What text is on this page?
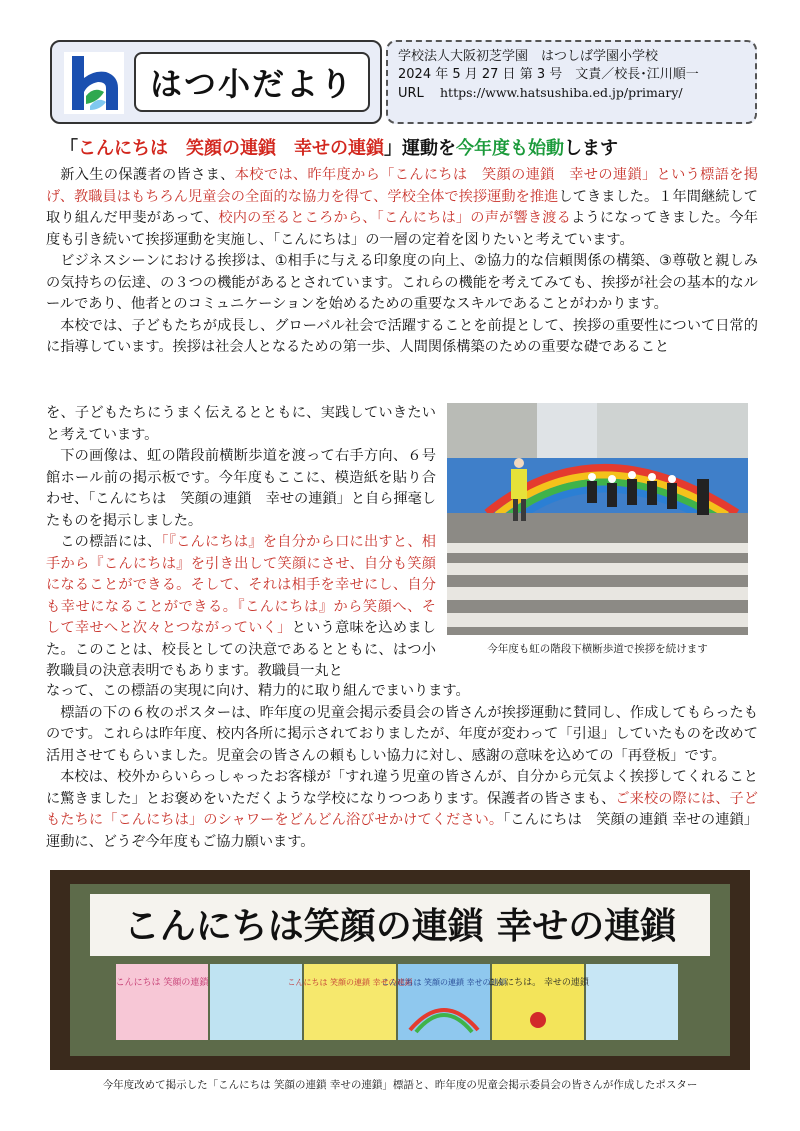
はつ小だより
学校法人大阪初芝学園　はつしば学園小学校
2024 年 5 月 27 日 第 3 号　文責／校長･江川順一
URL https://www.hatsushiba.ed.jp/primary/
「こんにちは　笑顔の連鎖　幸せの連鎖」運動を今年度も始動します

新入生の保護者の皆さま、本校では、昨年度から「こんにちは　笑顔の連鎖　幸せの連鎖」という標語を掲げ、教職員はもちろん児童会の全面的な協力を得て、学校全体で挨拶運動を推進してきました。１年間継続して取り組んだ甲斐があって、校内の至るところから、「こんにちは」の声が響き渡るようになってきました。今年度も引き続いて挨拶運動を実施し、「こんにちは」の一層の定着を図りたいと考えています。

ビジネスシーンにおける挨拶は、①相手に与える印象度の向上、②協力的な信頼関係の構築、③尊敬と親しみの気持ちの伝達、の３つの機能があるとされています。これらの機能を考えてみても、挨拶が社会の基本的なルールであり、他者とのコミュニケーションを始めるための重要なスキルであることがわかります。

本校では、子どもたちが成長し、グローバル社会で活躍することを前提として、挨拶の重要性について日常的に指導しています。挨拶は社会人となるための第一歩、人間関係構築のための重要な礎であること

を、子どもたちにうまく伝えるとともに、実践していきたいと考えています。

下の画像は、虹の階段前横断歩道を渡って右手方向、６号館ホール前の掲示板です。今年度もここに、模造紙を貼り合わせ、「こんにちは　笑顔の連鎖　幸せの連鎖」と自ら揮毫したものを掲示しました。

この標語には、「『こんにちは』を自分から口に出すと、相手から『こんにちは』を引き出して笑顔にさせ、自分も笑顔になることができる。そして、それは相手を幸せにし、自分も幸せになることができる。『こんにちは』から笑顔へ、そして幸せへと次々とつながっていく」という意味を込めました。このことは、校長としての決意であるとともに、はつ小教職員の決意表明でもあります。教職員一丸と

今年度も虹の階段下横断歩道で挨拶を続けます

なって、この標語の実現に向け、精力的に取り組んでまいります。

標語の下の６枚のポスターは、昨年度の児童会掲示委員会の皆さんが挨拶運動に賛同し、作成してもらったものです。これらは昨年度、校内各所に掲示されておりましたが、年度が変わって「引退」していたものを改めて活用させてもらいました。児童会の皆さんの頼もしい協力に対し、感謝の意味を込めての「再登板」です。

本校は、校外からいらっしゃったお客様が「すれ違う児童の皆さんが、自分から元気よく挨拶してくれることに驚きました」とお褒めをいただくような学校になりつつあります。保護者の皆さまも、ご来校の際には、子どもたちに「こんにちは」のシャワーをどんどん浴びせかけてください。「こんにちは　笑顔の連鎖 幸せの連鎖」運動に、どうぞ今年度もご協力願います。

こんにちは笑顔の連鎖 幸せの連鎖
こんにちは 笑顔の連鎖	こんにちは 笑顔の連鎖 幸せの連鎖
こんにちは 笑顔の連鎖 幸せの連鎖
こんにちは。 幸せの連鎖
今年度改めて掲示した「こんにちは 笑顔の連鎖 幸せの連鎖」標語と、昨年度の児童会掲示委員会の皆さんが作成したポスター
